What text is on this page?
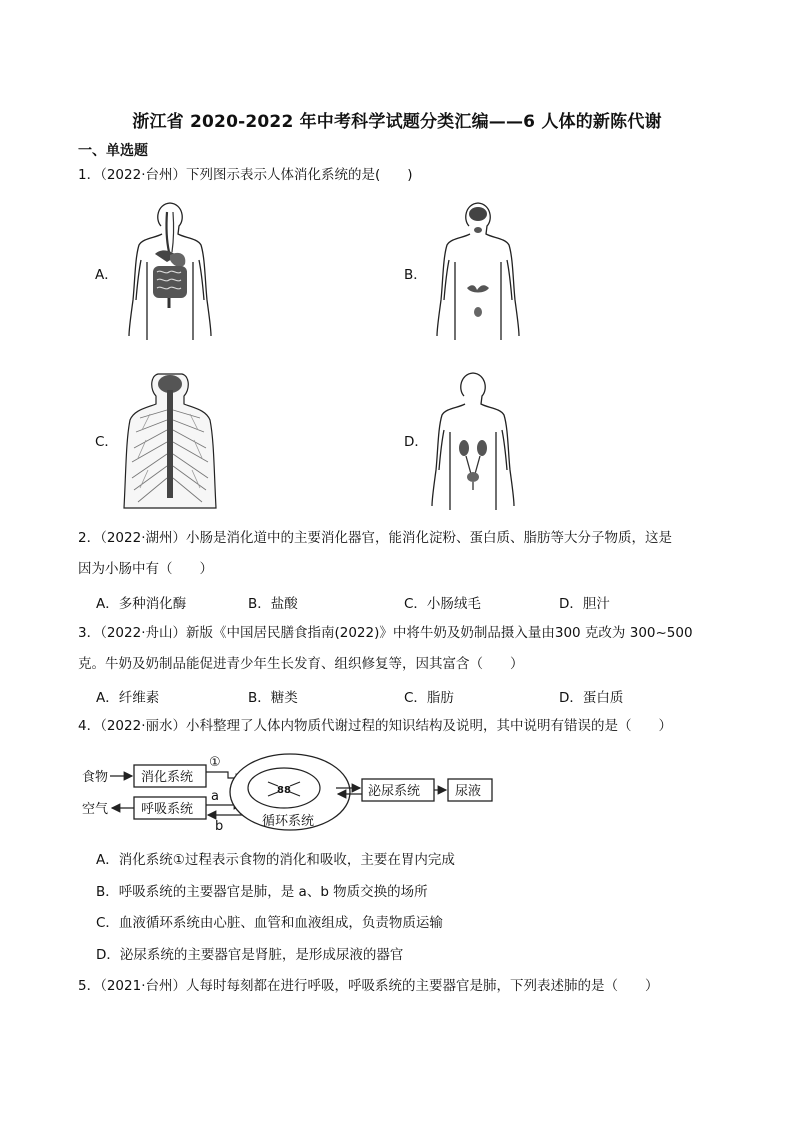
浙江省 2020-2022 年中考科学试题分类汇编——6 人体的新陈代谢
一、单选题
1．（2022·台州）下列图示表示人体消化系统的是(　　)
A．	B．
C．	D．
2．（2022·湖州）小肠是消化道中的主要消化器官，能消化淀粉、蛋白质、脂肪等大分子物质，这是
因为小肠中有（　　）
A．多种消化酶	B．盐酸	C．小肠绒毛	D．胆汁
3．（2022·舟山）新版《中国居民膳食指南(2022)》中将牛奶及奶制品摄入量由300 克改为 300~500
克。牛奶及奶制品能促进青少年生长发育、组织修复等，因其富含（　　）
A．纤维素	B．糖类	C．脂肪	D．蛋白质
4．（2022·丽水）小科整理了人体内物质代谢过程的知识结构及说明，其中说明有错误的是（　　）
食物
空气
消化系统
呼吸系统
①
a
b
88
循环系统
泌尿系统	尿液
A．消化系统①过程表示食物的消化和吸收，主要在胃内完成
B．呼吸系统的主要器官是肺，是 a、b 物质交换的场所
C．血液循环系统由心脏、血管和血液组成，负责物质运输
D．泌尿系统的主要器官是肾脏，是形成尿液的器官
5．（2021·台州）人每时每刻都在进行呼吸，呼吸系统的主要器官是肺，下列表述肺的是（　　）
